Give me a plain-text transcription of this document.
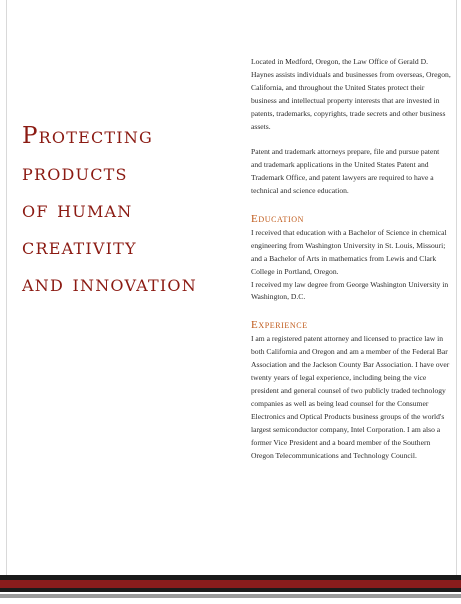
Protecting
products
of human
creativity
and innovation

Located in Medford, Oregon, the Law Office of Gerald D. Haynes assists individuals and businesses from overseas, Oregon, California, and throughout the United States protect their business and intellectual property interests that are invested in patents, trademarks, copyrights, trade secrets and other business assets.

Patent and trademark attorneys prepare, file and pursue patent and trademark applications in the United States Patent and Trademark Office, and patent lawyers are required to have a technical and science education.

Education

I received that education with a Bachelor of Science in chemical engineering from Washington University in St. Louis, Missouri; and a Bachelor of Arts in mathematics from Lewis and Clark College in Portland, Oregon.

I received my law degree from George Washington University in Washington, D.C.

Experience

I am a registered patent attorney and licensed to practice law in both California and Oregon and am a member of the Federal Bar Association and the Jackson County Bar Association. I have over twenty years of legal experience, including being the vice president and general counsel of two publicly traded technology companies as well as being lead counsel for the Consumer Electronics and Optical Products business groups of the world's largest semiconductor company, Intel Corporation. I am also a former Vice President and a board member of the Southern Oregon Telecommunications and Technology Council.
